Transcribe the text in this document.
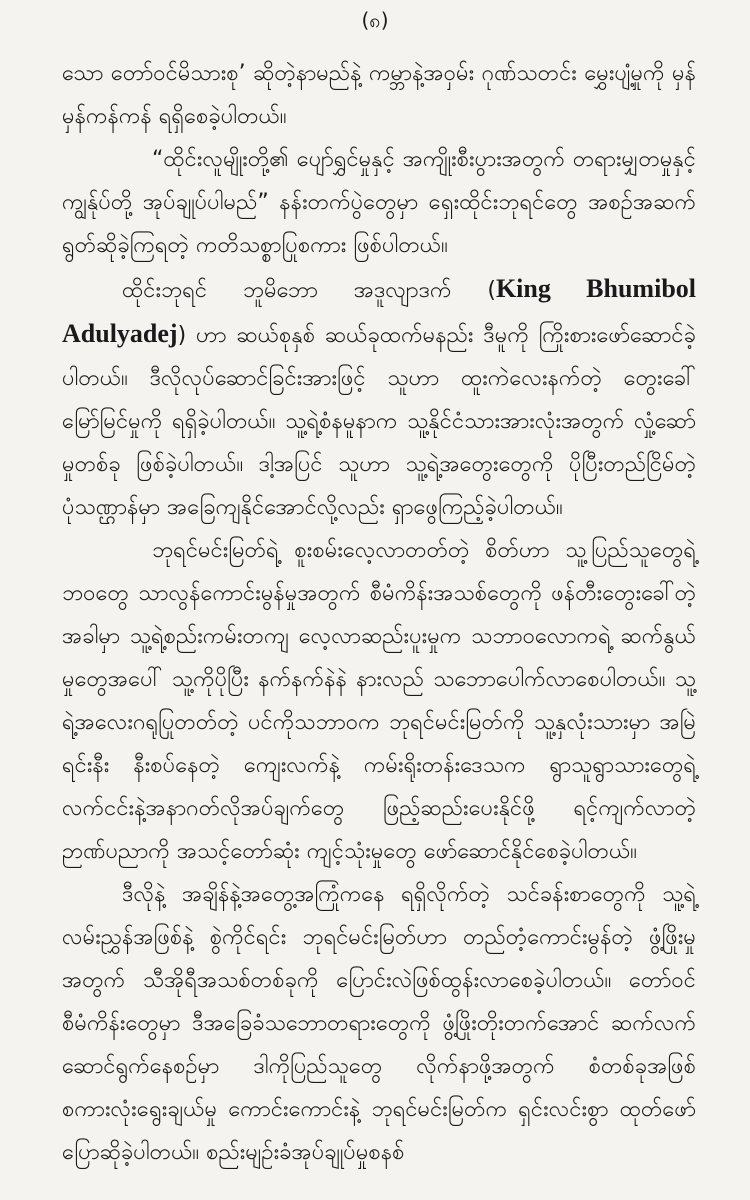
(၈)

သော တော်ဝင်မိသားစု’ ဆိုတဲ့နာမည်နဲ့ ကမ္ဘာနဲ့အဝှမ်း ဂုဏ်သတင်း မွှေးပျံ့မှုကို မှန်မှန်ကန်ကန် ရရှိစေခဲ့ပါတယ်။

“ထိုင်းလူမျိုးတို့၏ ပျော်ရွှင်မှုနှင့် အကျိုးစီးပွားအတွက် တရားမျှတမှုနှင့် ကျွန်ုပ်တို့ အုပ်ချုပ်ပါမည်” နန်းတက်ပွဲတွေမှာ ရှေးထိုင်းဘုရင်တွေ အစဉ်အဆက် ရွတ်ဆိုခဲ့ကြရတဲ့ ကတိသစ္စာပြုစကား ဖြစ်ပါတယ်။

ထိုင်းဘုရင် ဘူမိဘော အဒူလျာဒက် (King Bhumibol Adulyadej) ဟာ ဆယ်စုနှစ် ဆယ်ခုထက်မနည်း ဒီမူကို ကြိုးစားဖော်ဆောင်ခဲ့ပါတယ်။ ဒီလိုလုပ်ဆောင်ခြင်းအားဖြင့် သူဟာ ထူးကဲလေးနက်တဲ့ တွေးခေါ်မြော်မြင်မှုကို ရရှိခဲ့ပါတယ်။ သူ့ရဲ့စံနမူနာက သူ့နိုင်ငံသားအားလုံးအတွက် လှုံ့ဆော်မှုတစ်ခု ဖြစ်ခဲ့ပါတယ်။ ဒါ့အပြင် သူဟာ သူ့ရဲ့အတွေးတွေကို ပိုပြီးတည်ငြိမ်တဲ့ ပုံသဏ္ဌာန်မှာ အခြေကျနိုင်အောင်လို့လည်း ရှာဖွေကြည့်ခဲ့ပါတယ်။

ဘုရင်မင်းမြတ်ရဲ့ စူးစမ်းလေ့လာတတ်တဲ့ စိတ်ဟာ သူ့ပြည်သူတွေရဲ့ ဘဝတွေ သာလွန်ကောင်းမွန်မှုအတွက် စီမံကိန်းအသစ်တွေကို ဖန်တီးတွေးခေါ်တဲ့အခါမှာ သူ့ရဲ့စည်းကမ်းတကျ လေ့လာဆည်းပူးမှုက သဘာဝလောကရဲ့ ဆက်နွယ်မှုတွေအပေါ် သူ့ကိုပိုပြီး နက်နက်နဲနဲ နားလည် သဘောပေါက်လာစေပါတယ်။ သူ့ရဲ့အလေးဂရုပြုတတ်တဲ့ ပင်ကိုသဘာဝက ဘုရင်မင်းမြတ်ကို သူ့နှလုံးသားမှာ အမြဲရင်းနီး နီးစပ်နေတဲ့ ကျေးလက်နဲ့ ကမ်းရိုးတန်းဒေသက ရွာသူရွာသားတွေရဲ့ လက်ငင်းနဲ့အနာဂတ်လိုအပ်ချက်တွေ ဖြည့်ဆည်းပေးနိုင်ဖို့ ရင့်ကျက်လာတဲ့ ဉာဏ်ပညာကို အသင့်တော်ဆုံး ကျင့်သုံးမှုတွေ ဖော်ဆောင်နိုင်စေခဲ့ပါတယ်။

ဒီလိုနဲ့ အချိန်နဲ့အတွေ့အကြုံကနေ ရရှိလိုက်တဲ့ သင်ခန်းစာတွေကို သူ့ရဲ့လမ်းညွှန်အဖြစ်နဲ့ စွဲကိုင်ရင်း ဘုရင်မင်းမြတ်ဟာ တည်တံ့ကောင်းမွန်တဲ့ ဖွံ့ဖြိုးမှုအတွက် သီအိုရီအသစ်တစ်ခုကို ပြောင်းလဲဖြစ်ထွန်းလာစေခဲ့ပါတယ်။ တော်ဝင်စီမံကိန်းတွေမှာ ဒီအခြေခံသဘောတရားတွေကို ဖွံ့ဖြိုးတိုးတက်အောင် ဆက်လက်ဆောင်ရွက်နေစဉ်မှာ ဒါကိုပြည်သူတွေ လိုက်နာဖို့အတွက် စံတစ်ခုအဖြစ် စကားလုံးရွေးချယ်မှု ကောင်းကောင်းနဲ့ ဘုရင်မင်းမြတ်က ရှင်းလင်းစွာ ထုတ်ဖော်ပြောဆိုခဲ့ပါတယ်။ စည်းမျဉ်းခံအုပ်ချုပ်မှုစနစ်
